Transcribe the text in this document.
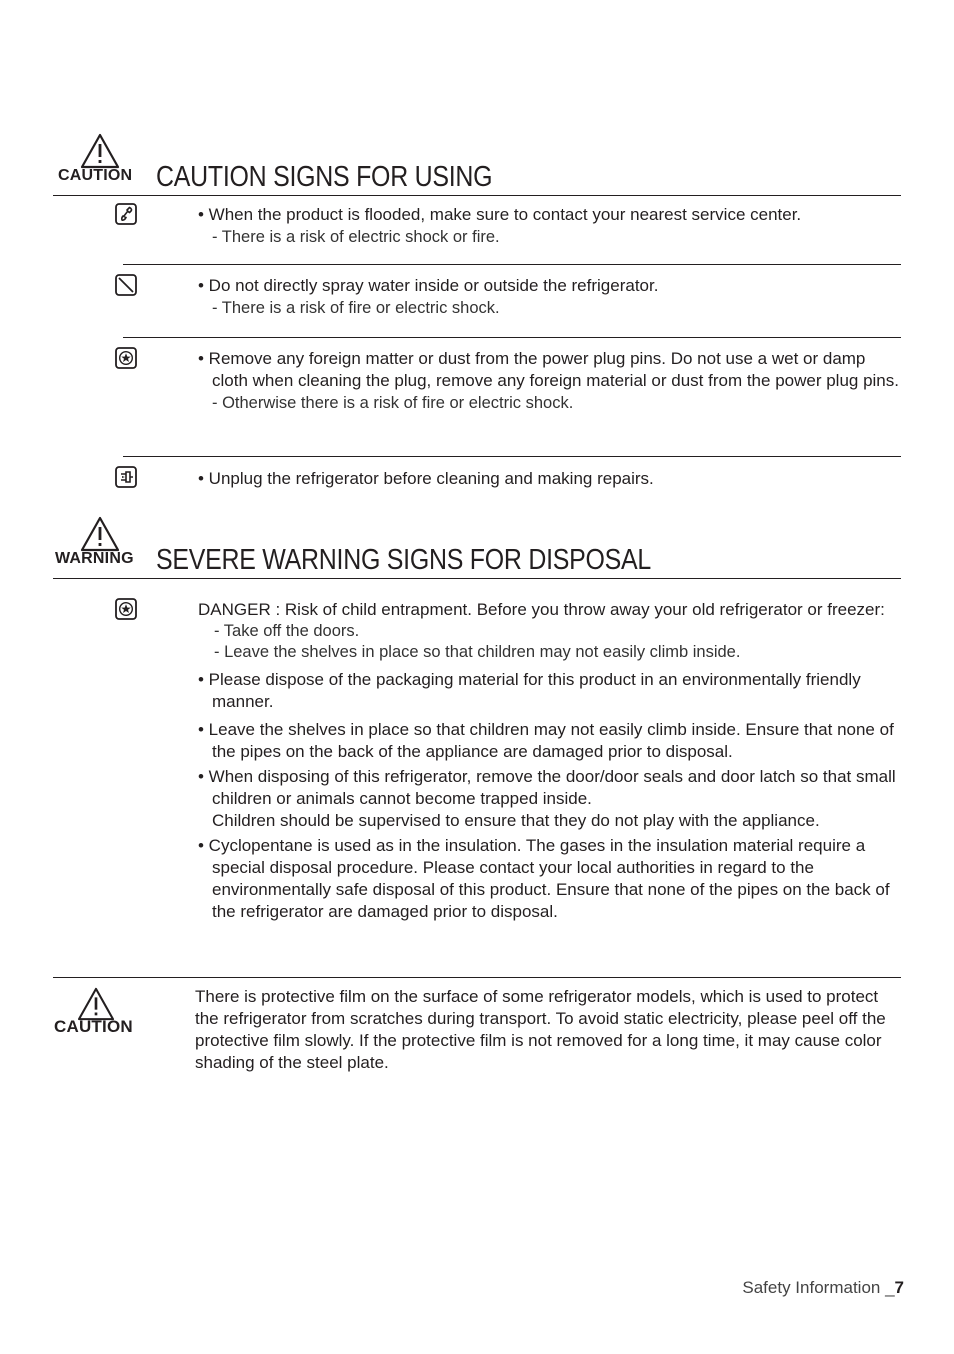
CAUTION CAUTION SIGNS FOR USING
• When the product is flooded, make sure to contact your nearest service center.
- There is a risk of electric shock or fire.
• Do not directly spray water inside or outside the refrigerator.
- There is a risk of fire or electric shock.
• Remove any foreign matter or dust from the power plug pins. Do not use a wet or damp cloth when cleaning the plug, remove any foreign material or dust from the power plug pins.
- Otherwise there is a risk of fire or electric shock.
• Unplug the refrigerator before cleaning and making repairs.
WARNING SEVERE WARNING SIGNS FOR DISPOSAL
DANGER : Risk of child entrapment. Before you throw away your old refrigerator or freezer:
- Take off the doors.
- Leave the shelves in place so that children may not easily climb inside.
• Please dispose of the packaging material for this product in an environmentally friendly manner.
• Leave the shelves in place so that children may not easily climb inside. Ensure that none of the pipes on the back of the appliance are damaged prior to disposal.
• When disposing of this refrigerator, remove the door/door seals and door latch so that small children or animals cannot become trapped inside.
Children should be supervised to ensure that they do not play with the appliance.
• Cyclopentane is used as in the insulation. The gases in the insulation material require a special disposal procedure. Please contact your local authorities in regard to the environmentally safe disposal of this product. Ensure that none of the pipes on the back of the refrigerator are damaged prior to disposal.
CAUTION
There is protective film on the surface of some refrigerator models, which is used to protect the refrigerator from scratches during transport. To avoid static electricity, please peel off the protective film slowly. If the protective film is not removed for a long time, it may cause color shading of the steel plate.
Safety Information _7
